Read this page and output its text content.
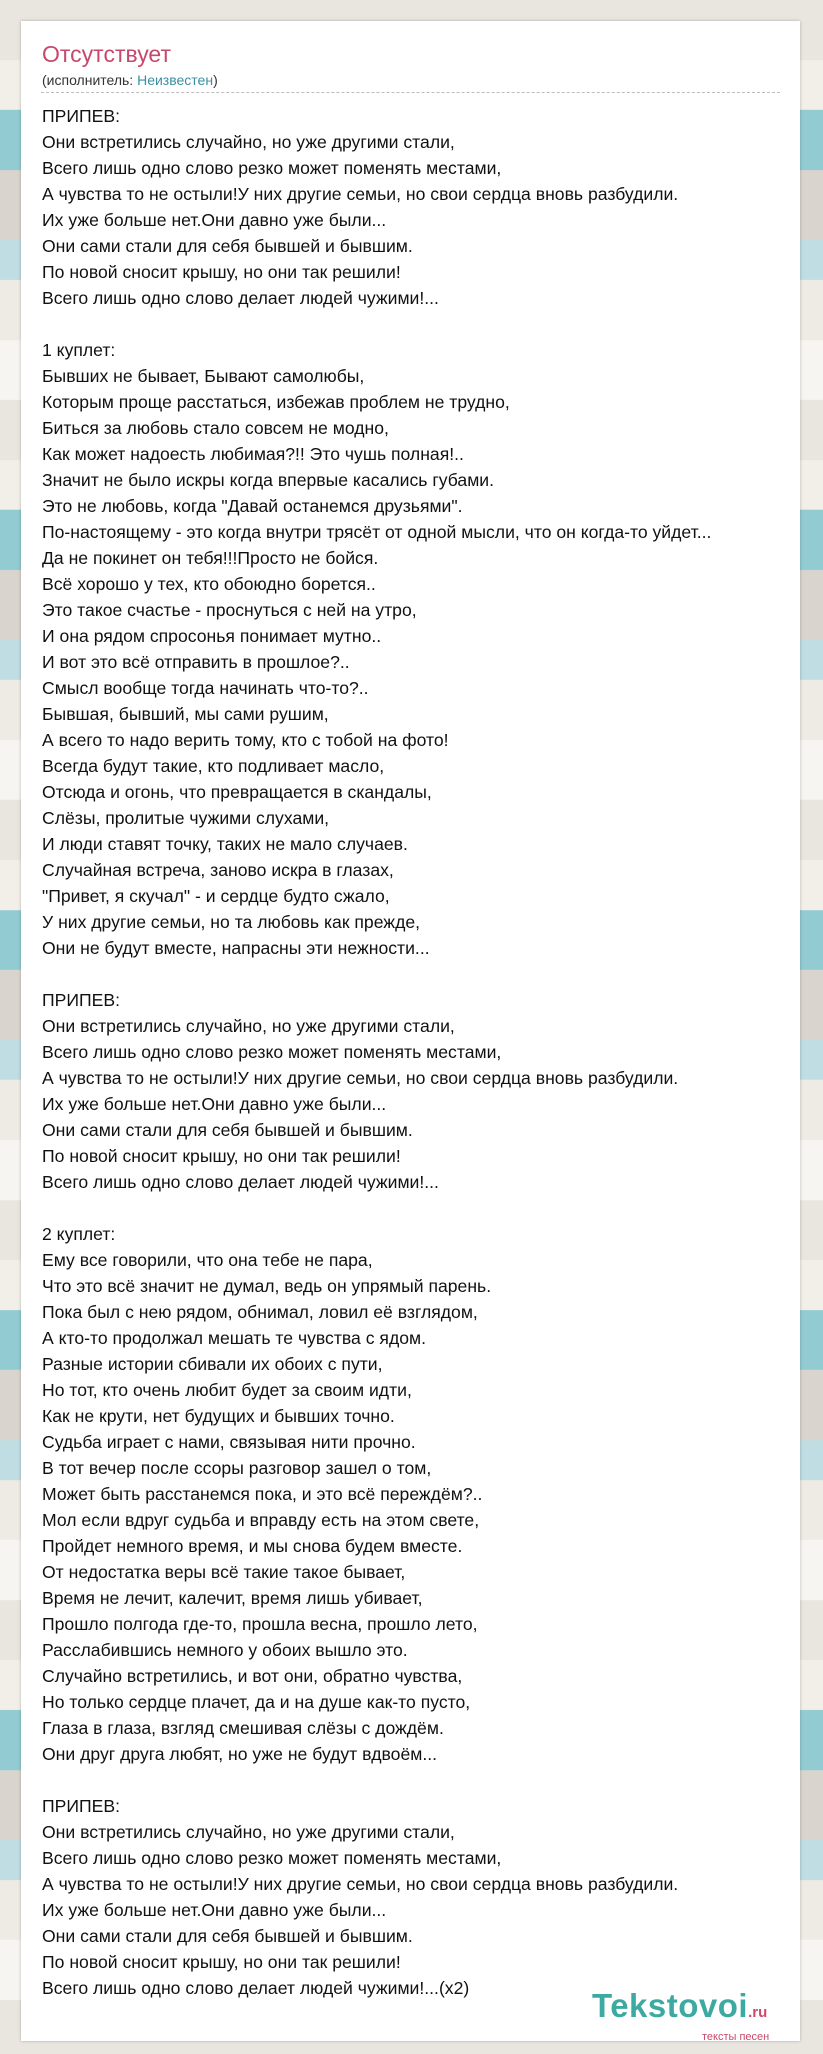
Отсутствует
(исполнитель: Неизвестен)
ПРИПЕВ:
Они встретились случайно, но уже другими стали,
Всего лишь одно слово резко может поменять местами,
А чувства то не остыли!У них другие семьи, но свои сердца вновь разбудили.
Их уже больше нет.Они давно уже были...
Они сами стали для себя бывшей и бывшим.
По новой сносит крышу, но они так решили!
Всего лишь одно слово делает людей чужими!...

1 куплет:
Бывших не бывает, Бывают самолюбы,
Которым проще расстаться, избежав проблем не трудно,
Биться за любовь стало совсем не модно,
Как может надоесть любимая?!! Это чушь полная!..
Значит не было искры когда впервые касались губами.
Это не любовь, когда "Давай останемся друзьями".
По-настоящему - это когда внутри трясёт от одной мысли, что он когда-то уйдет...
Да не покинет он тебя!!!Просто не бойся.
Всё хорошо у тех, кто обоюдно борется..
Это такое счастье - проснуться с ней на утро,
И она рядом спросонья понимает мутно..
И вот это всё отправить в прошлое?..
Смысл вообще тогда начинать что-то?..
Бывшая, бывший, мы сами рушим,
А всего то надо верить тому, кто с тобой на фото!
Всегда будут такие, кто подливает масло,
Отсюда и огонь, что превращается в скандалы,
Слёзы, пролитые чужими слухами,
И люди ставят точку, таких не мало случаев.
Случайная встреча, заново искра в глазах,
"Привет, я скучал" - и сердце будто сжало,
У них другие семьи, но та любовь как прежде,
Они не будут вместе, напрасны эти нежности...

ПРИПЕВ:
Они встретились случайно, но уже другими стали,
Всего лишь одно слово резко может поменять местами,
А чувства то не остыли!У них другие семьи, но свои сердца вновь разбудили.
Их уже больше нет.Они давно уже были...
Они сами стали для себя бывшей и бывшим.
По новой сносит крышу, но они так решили!
Всего лишь одно слово делает людей чужими!...

2 куплет:
Ему все говорили, что она тебе не пара,
Что это всё значит не думал, ведь он упрямый парень.
Пока был с нею рядом, обнимал, ловил её взглядом,
А кто-то продолжал мешать те чувства с ядом.
Разные истории сбивали их обоих с пути,
Но тот, кто очень любит будет за своим идти,
Как не крути, нет будущих и бывших точно.
Судьба играет с нами, связывая нити прочно.
В тот вечер после ссоры разговор зашел о том,
Может быть расстанемся пока, и это всё переждём?..
Мол если вдруг судьба и вправду есть на этом свете,
Пройдет немного время, и мы снова будем вместе.
От недостатка веры всё такие такое бывает,
Время не лечит, калечит, время лишь убивает,
Прошло полгода где-то, прошла весна, прошло лето,
Расслабившись немного у обоих вышло это.
Случайно встретились, и вот они, обратно чувства,
Но только сердце плачет, да и на душе как-то пусто,
Глаза в глаза, взгляд смешивая слёзы с дождём.
Они друг друга любят, но уже не будут вдвоём...

ПРИПЕВ:
Они встретились случайно, но уже другими стали,
Всего лишь одно слово резко может поменять местами,
А чувства то не остыли!У них другие семьи, но свои сердца вновь разбудили.
Их уже больше нет.Они давно уже были...
Они сами стали для себя бывшей и бывшим.
По новой сносит крышу, но они так решили!
Всего лишь одно слово делает людей чужими!...(x2)	Tekstovoi.ru
тексты песен
